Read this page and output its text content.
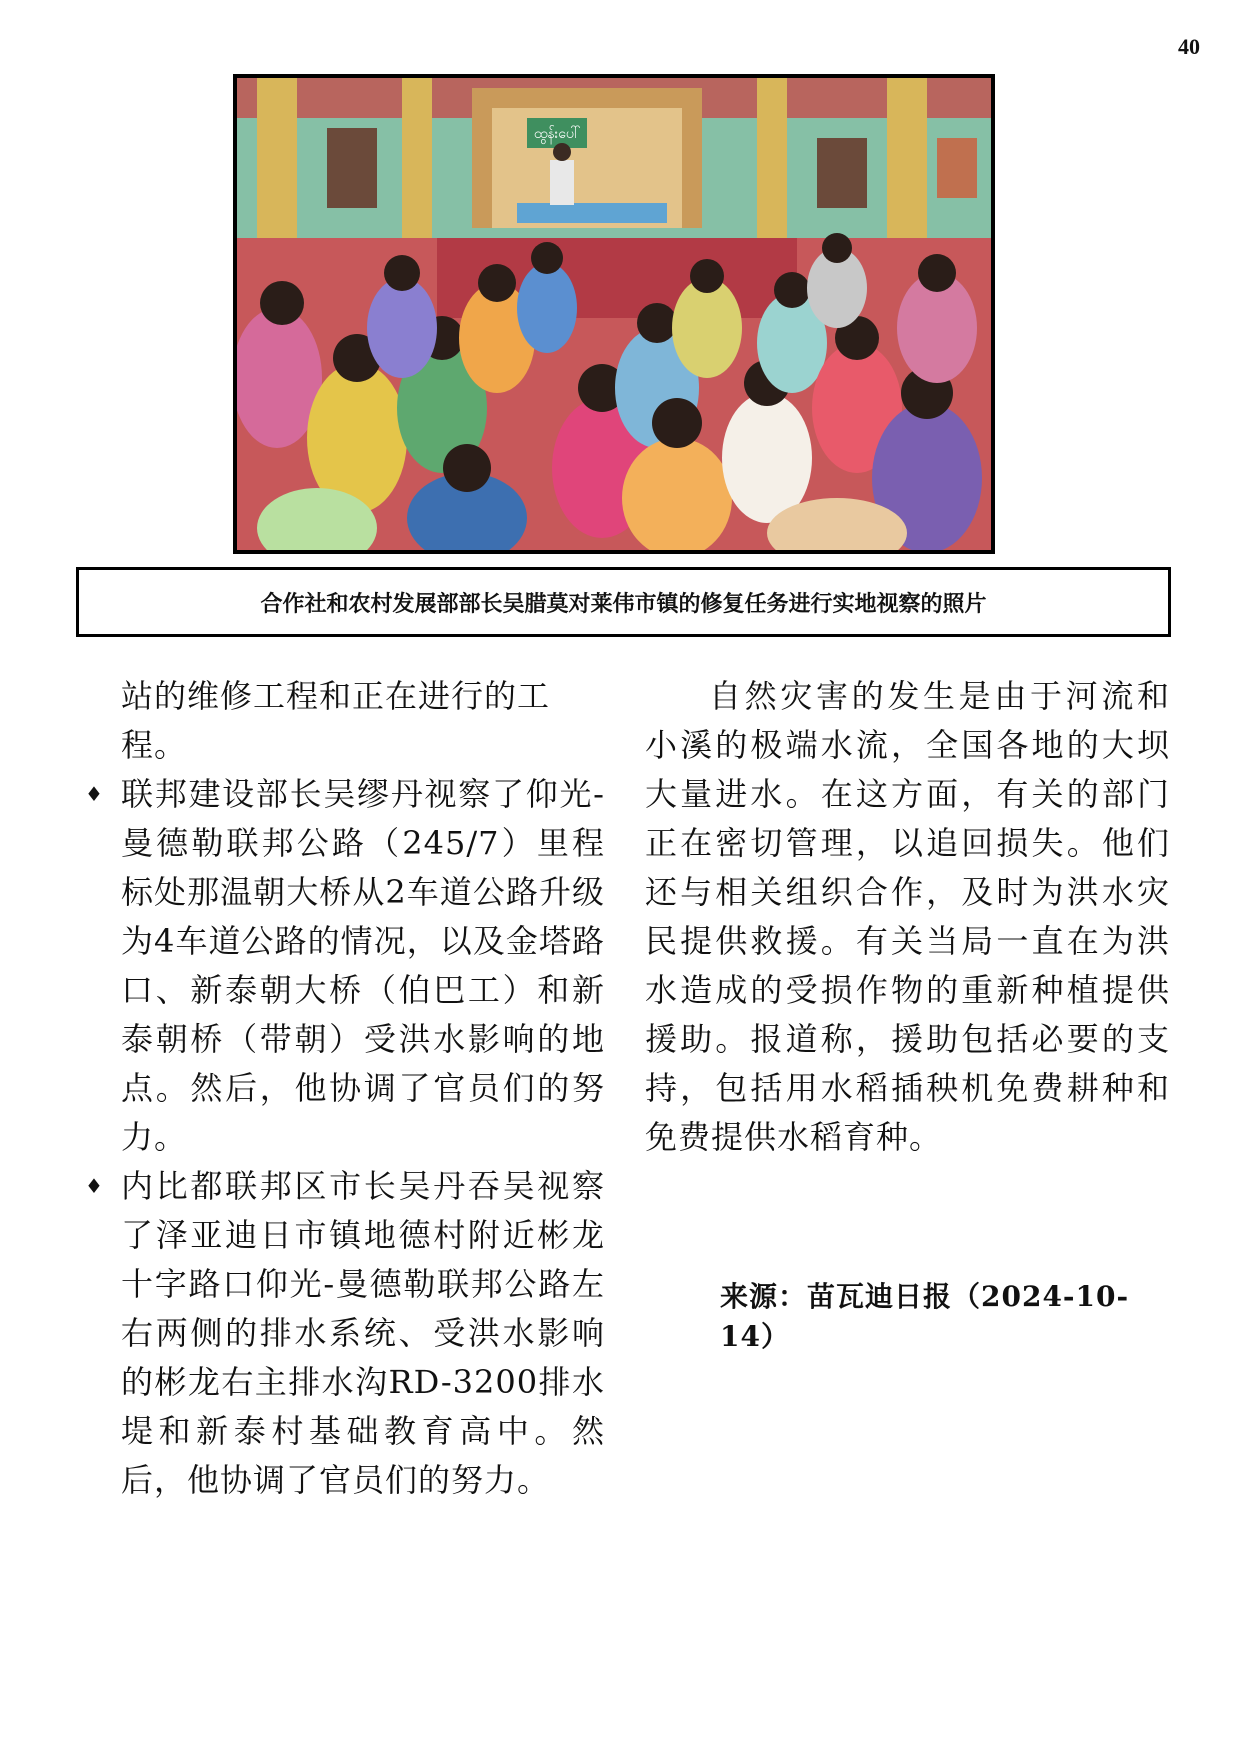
40
ထွန်းပေါ်
合作社和农村发展部部长吴腊莫对莱伟市镇的修复任务进行实地视察的照片

站的维修工程和正在进行的工程。

♦ 联邦建设部长吴缪丹视察了仰光-曼德勒联邦公路（245/7）里程标处那温朝大桥从2车道公路升级为4车道公路的情况，以及金塔路口、新泰朝大桥（伯巴工）和新泰朝桥（带朝）受洪水影响的地点。然后，他协调了官员们的努力。
♦ 内比都联邦区市长吴丹吞吴视察了泽亚迪日市镇地德村附近彬龙十字路口仰光-曼德勒联邦公路左右两侧的排水系统、受洪水影响的彬龙右主排水沟RD-3200排水堤和新泰村基础教育高中。然后，他协调了官员们的努力。

自然灾害的发生是由于河流和小溪的极端水流，全国各地的大坝大量进水。在这方面，有关的部门正在密切管理，以追回损失。他们还与相关组织合作，及时为洪水灾民提供救援。有关当局一直在为洪水造成的受损作物的重新种植提供援助。报道称，援助包括必要的支持，包括用水稻插秧机免费耕种和免费提供水稻育种。

来源：苗瓦迪日报（2024-10-14）
